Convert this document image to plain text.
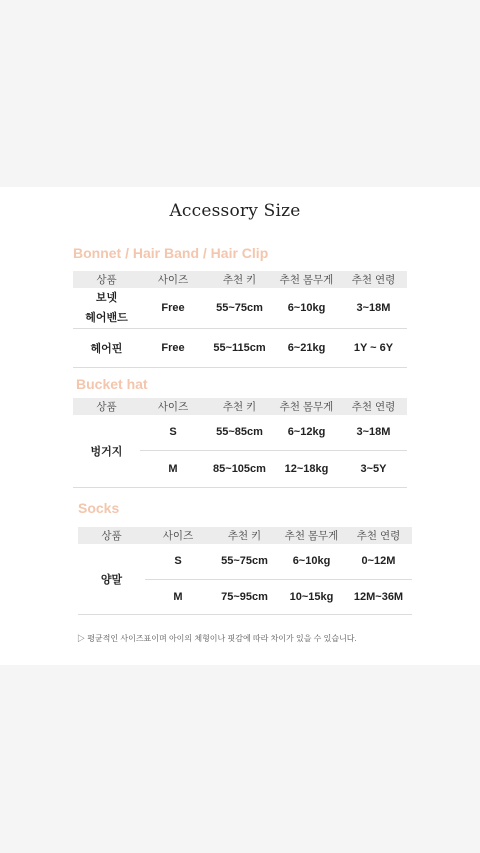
Accessory Size
Bonnet / Hair Band / Hair Clip
상품	사이즈	추천 키	추천 몸무게	추천 연령

보넷
헤어밴드	Free	55~75cm	6~10kg	3~18M
헤어핀	Free	55~115cm	6~21kg	1Y ~ 6Y
Bucket hat
상품	사이즈	추천 키	추천 몸무게	추천 연령
벙거지	S	55~85cm	6~12kg	3~18M
	M	85~105cm	12~18kg	3~5Y
Socks
상품	사이즈	추천 키	추천 몸무게	추천 연령
양말	S	55~75cm	6~10kg	0~12M
	M	75~95cm	10~15kg	12M~36M
▷ 평균적인 사이즈표이며 아이의 체형이나 핏감에 따라 차이가 있을 수 있습니다.
